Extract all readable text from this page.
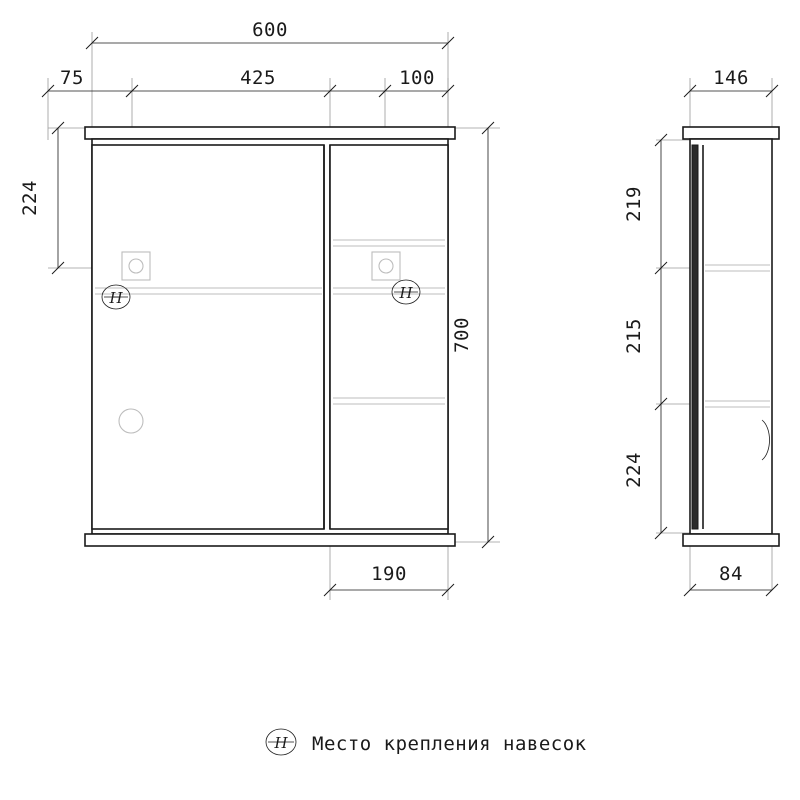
600
75	425	100
224
700
190
H	H
146
219
215
224
84
H Место крепления навесок
